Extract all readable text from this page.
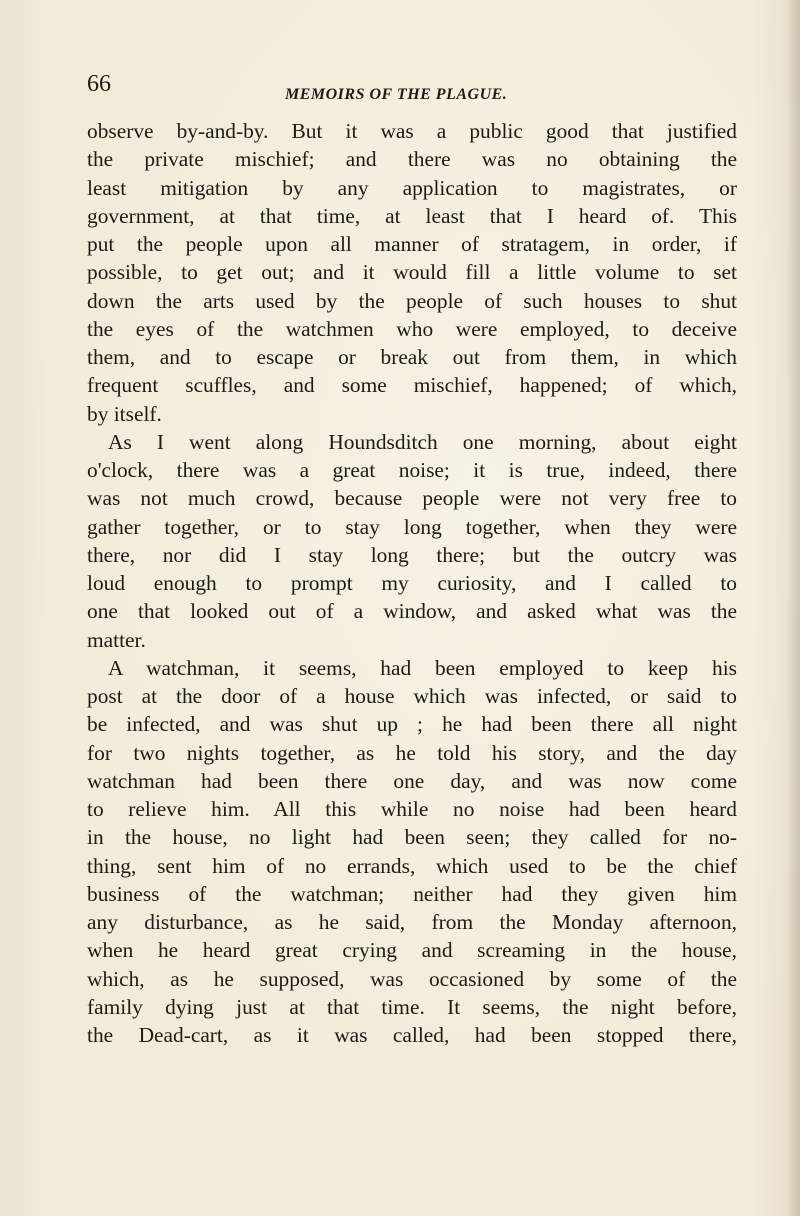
66	MEMOIRS OF THE PLAGUE.
observe by-and-by. But it was a public good that justified
the private mischief; and there was no obtaining the
least mitigation by any application to magistrates, or
government, at that time, at least that I heard of. This
put the people upon all manner of stratagem, in order, if
possible, to get out; and it would fill a little volume to set
down the arts used by the people of such houses to shut
the eyes of the watchmen who were employed, to deceive
them, and to escape or break out from them, in which
frequent scuffles, and some mischief, happened; of which,
by itself.
As I went along Houndsditch one morning, about eight
o'clock, there was a great noise; it is true, indeed, there
was not much crowd, because people were not very free to
gather together, or to stay long together, when they were
there, nor did I stay long there; but the outcry was
loud enough to prompt my curiosity, and I called to
one that looked out of a window, and asked what was the
matter.
A watchman, it seems, had been employed to keep his
post at the door of a house which was infected, or said to
be infected, and was shut up ; he had been there all night
for two nights together, as he told his story, and the day
watchman had been there one day, and was now come
to relieve him. All this while no noise had been heard
in the house, no light had been seen; they called for no-
thing, sent him of no errands, which used to be the chief
business of the watchman; neither had they given him
any disturbance, as he said, from the Monday afternoon,
when he heard great crying and screaming in the house,
which, as he supposed, was occasioned by some of the
family dying just at that time. It seems, the night before,
the Dead-cart, as it was called, had been stopped there,
